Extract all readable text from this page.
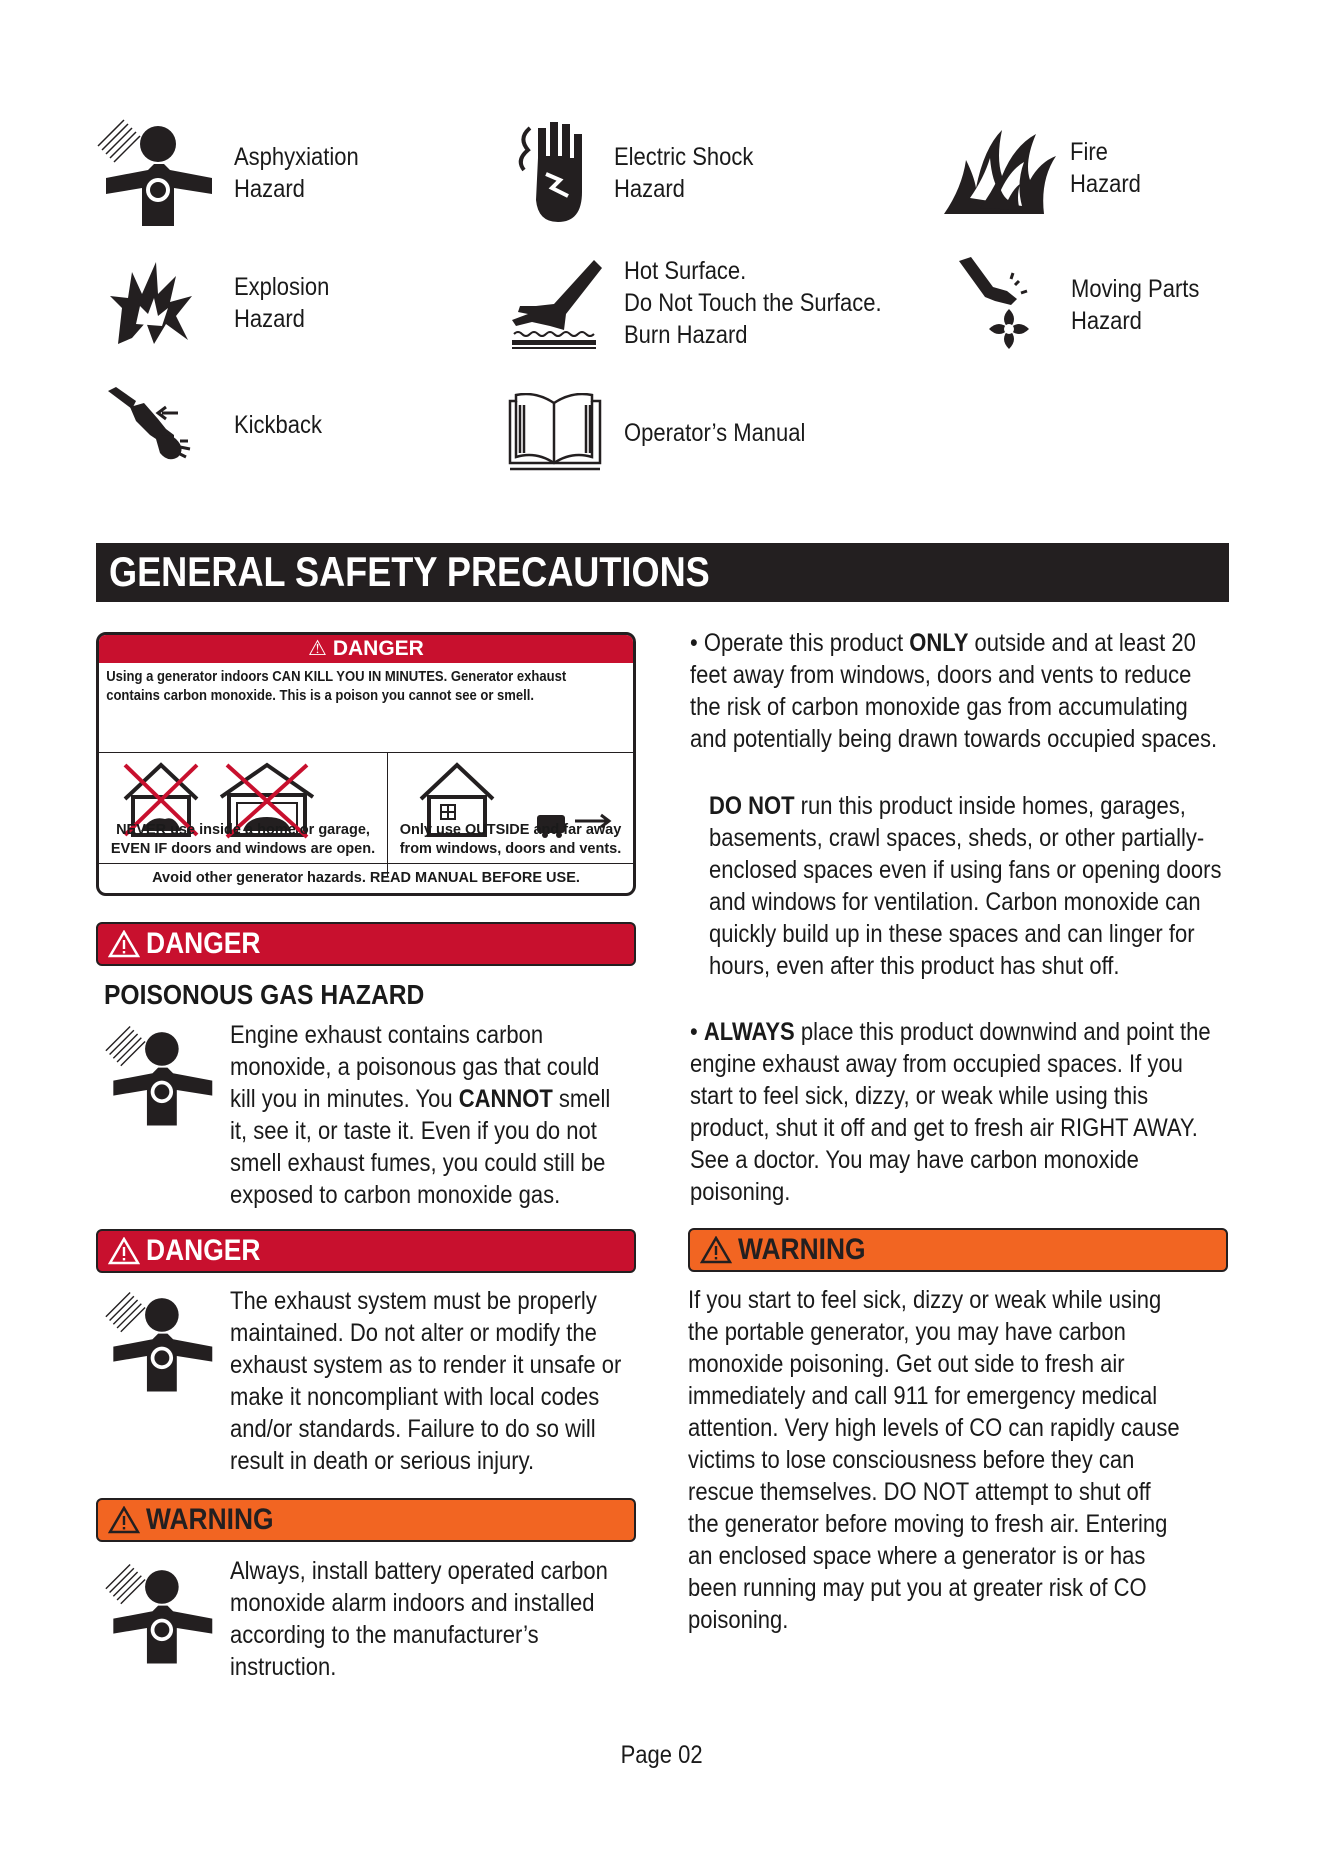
Asphyxiation
Hazard
Electric Shock
Hazard
Fire
Hazard
Explosion
Hazard
Hot Surface.
Do Not Touch the Surface.
Burn Hazard
Moving Parts
Hazard
Kickback	Operator’s Manual
GENERAL SAFETY PRECAUTIONS
⚠ DANGER
Using a generator indoors CAN KILL YOU IN MINUTES. Generator exhaust contains carbon monoxide. This is a poison you cannot see or smell.
NEVER use inside a home or garage,
EVEN IF doors and windows are open.
Only use OUTSIDE and far away
from windows, doors and vents.
Avoid other generator hazards. READ MANUAL BEFORE USE.
DANGER
POISONOUS GAS HAZARD
Engine exhaust contains carbon monoxide, a poisonous gas that could kill you in minutes. You CANNOT smell it, see it, or taste it. Even if you do not smell exhaust fumes, you could still be exposed to carbon monoxide gas.
DANGER
The exhaust system must be properly maintained. Do not alter or modify the exhaust system as to render it unsafe or make it noncompliant with local codes and/or standards. Failure to do so will result in death or serious injury.
WARNING
Always, install battery operated carbon monoxide alarm indoors and installed according to the manufacturer’s instruction.
• Operate this product ONLY outside and at least 20 feet away from windows, doors and vents to reduce the risk of carbon monoxide gas from accumulating and potentially being drawn towards occupied spaces.
DO NOT run this product inside homes, garages, basements, crawl spaces, sheds, or other partially-enclosed spaces even if using fans or opening doors and windows for ventilation. Carbon monoxide can quickly build up in these spaces and can linger for hours, even after this product has shut off.
• ALWAYS place this product downwind and point the engine exhaust away from occupied spaces. If you start to feel sick, dizzy, or weak while using this product, shut it off and get to fresh air RIGHT AWAY. See a doctor. You may have carbon monoxide poisoning.
WARNING
If you start to feel sick, dizzy or weak while using the portable generator, you may have carbon monoxide poisoning. Get out side to fresh air immediately and call 911 for emergency medical attention. Very high levels of CO can rapidly cause victims to lose consciousness before they can rescue themselves. DO NOT attempt to shut off the generator before moving to fresh air. Entering an enclosed space where a generator is or has been running may put you at greater risk of CO poisoning.
Page 02
